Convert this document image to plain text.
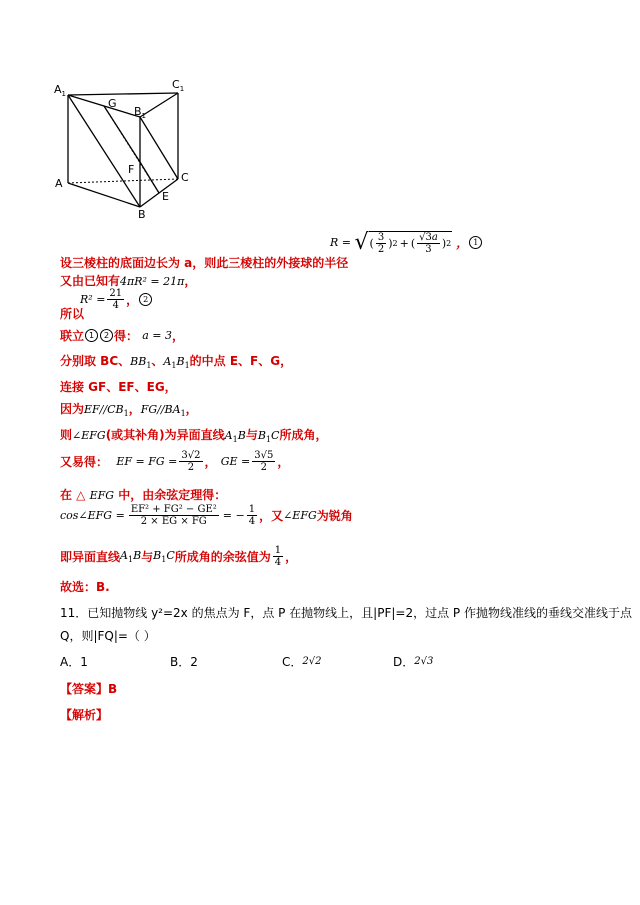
$A_1$
$C_1$
G
$B_1$
F
C
A
E
B
设三棱柱的底面边长为 a，则此三棱柱的外接球的半径
R
=
√ ( $\frac{3}{2}$ ) 2 + ( $\frac{√3a}{3}$ ) 2 ， 1
又由已知有4πR² = 21π，
$R^2 = \frac{21}{4}$ ， 2
所以
联立 1	2 得：
a = 3 ，
分别取 BC、$BB_1$、$A_1B_1$的中点 E、F、G，
连接 GF、EF、EG，
因为$EF//CB_1$，$FG//BA_1$，
则∠EFG(或其补角)为异面直线$A_1B$与$B_1C$所成角，
又易得：
EF = FG = $\frac{3√2}{2}$ ，
GE = $\frac{3√5}{2}$ ，
在 △ EFG 中，由余弦定理得：
cos∠EFG = $\frac{\text{EF² + FG² − GE²}}{2 \times EG \times FG}$ = − $\frac{1}{4}$ ，又 ∠EFG 为锐角
即异面直线 $A_1B$ 与 $B_1C$ 所成角的余弦值为 $\frac{1}{4}$ ，
故选：B.
11．已知抛物线 y²=2x 的焦点为 F，点 P 在抛物线上，且|PF|=2，过点 P 作抛物线准线的垂线交准线于点
Q，则|FQ|=（ ）
A．1	B．2	C．2√2	D．2√3
【答案】B
【解析】
